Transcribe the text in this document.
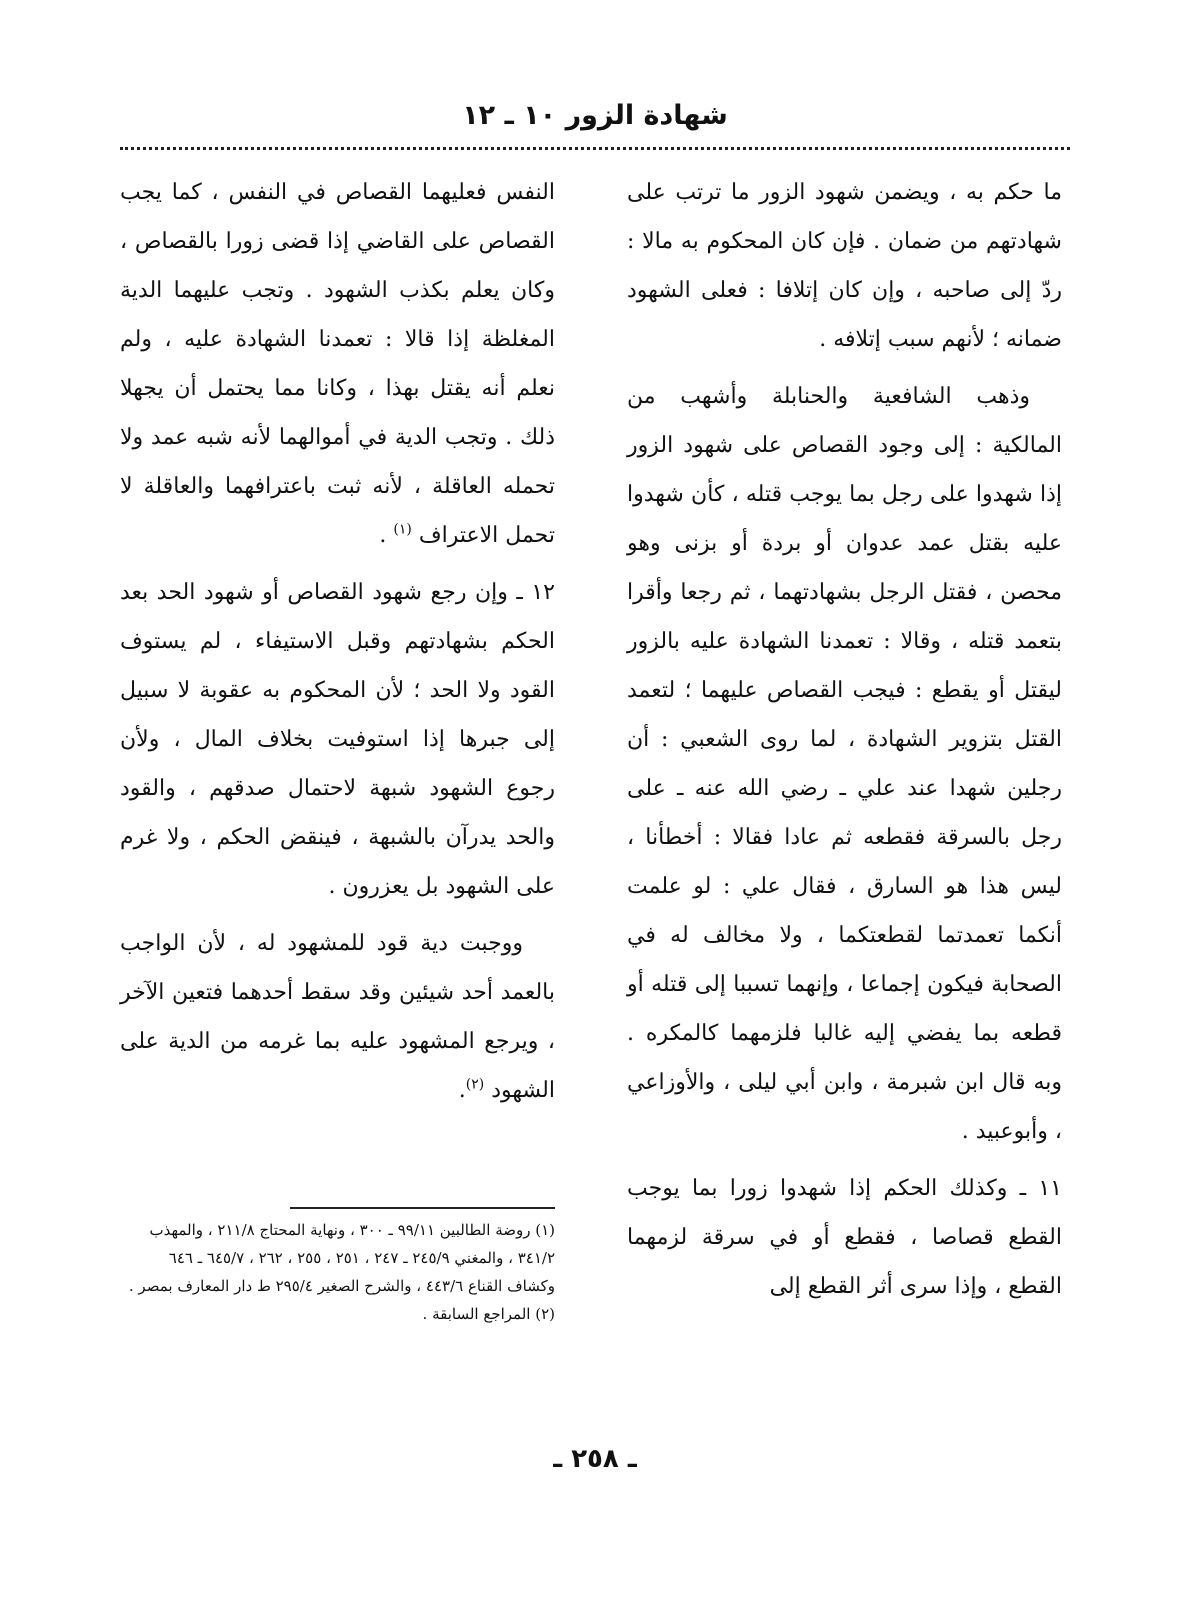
شهادة الزور ١٠ ـ ١٢

ما حكم به ، ويضمن شهود الزور ما ترتب على شهادتهم من ضمان . فإن كان المحكوم به مالا : ردّ إلى صاحبه ، وإن كان إتلافا : فعلى الشهود ضمانه ؛ لأنهم سبب إتلافه .

وذهب الشافعية والحنابلة وأشهب من المالكية : إلى وجود القصاص على شهود الزور إذا شهدوا على رجل بما يوجب قتله ، كأن شهدوا عليه بقتل عمد عدوان أو بردة أو بزنى وهو محصن ، فقتل الرجل بشهادتهما ، ثم رجعا وأقرا بتعمد قتله ، وقالا : تعمدنا الشهادة عليه بالزور ليقتل أو يقطع : فيجب القصاص عليهما ؛ لتعمد القتل بتزوير الشهادة ، لما روى الشعبي : أن رجلين شهدا عند علي ـ رضي الله عنه ـ على رجل بالسرقة فقطعه ثم عادا فقالا : أخطأنا ، ليس هذا هو السارق ، فقال علي : لو علمت أنكما تعمدتما لقطعتكما ، ولا مخالف له في الصحابة فيكون إجماعا ، وإنهما تسببا إلى قتله أو قطعه بما يفضي إليه غالبا فلزمهما كالمكره . وبه قال ابن شبرمة ، وابن أبي ليلى ، والأوزاعي ، وأبوعبيد .

١١ ـ وكذلك الحكم إذا شهدوا زورا بما يوجب القطع قصاصا ، فقطع أو في سرقة لزمهما القطع ، وإذا سرى أثر القطع إلى

النفس فعليهما القصاص في النفس ، كما يجب القصاص على القاضي إذا قضى زورا بالقصاص ، وكان يعلم بكذب الشهود . وتجب عليهما الدية المغلظة إذا قالا : تعمدنا الشهادة عليه ، ولم نعلم أنه يقتل بهذا ، وكانا مما يحتمل أن يجهلا ذلك . وتجب الدية في أموالهما لأنه شبه عمد ولا تحمله العاقلة ، لأنه ثبت باعترافهما والعاقلة لا تحمل الاعتراف $^{(١)}$ .

١٢ ـ وإن رجع شهود القصاص أو شهود الحد بعد الحكم بشهادتهم وقبل الاستيفاء ، لم يستوف القود ولا الحد ؛ لأن المحكوم به عقوبة لا سبيل إلى جبرها إذا استوفيت بخلاف المال ، ولأن رجوع الشهود شبهة لاحتمال صدقهم ، والقود والحد يدرآن بالشبهة ، فينقض الحكم ، ولا غرم على الشهود بل يعزرون .

ووجبت دية قود للمشهود له ، لأن الواجب بالعمد أحد شيئين وقد سقط أحدهما فتعين الآخر ، ويرجع المشهود عليه بما غرمه من الدية على الشهود $^{(٢)}$.

(١) روضة الطالبين ٩٩/١١ ـ ٣٠٠ ، ونهاية المحتاج ٢١١/٨ ، والمهذب ٣٤١/٢ ، والمغني ٢٤٥/٩ ـ ٢٤٧ ، ٢٥١ ، ٢٥٥ ، ٢٦٢ ، ٦٤٥/٧ ـ ٦٤٦ وكشاف القناع ٤٤٣/٦ ، والشرح الصغير ٢٩٥/٤ ط دار المعارف بمصر .

(٢) المراجع السابقة .

ـ ٢٥٨ ـ
